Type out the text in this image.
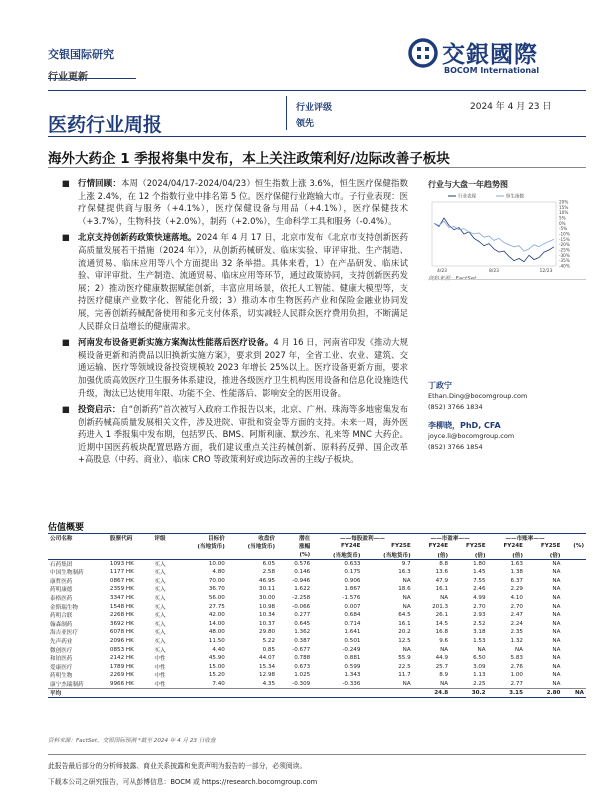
交银国际研究	交銀國際
BOCOM International
医药行业周报
行业评级
领先
2024 年 4 月 23 日
海外大药企 1 季报将集中发布，本上关注政策利好/边际改善子板块
■ 行情回顾：本周（2024/04/17-2024/04/23）恒生指数上涨 3.6%，恒生医疗保健指数上涨 2.4%，在 12 个指数行业中排名第 5 位。医疗保健行业跑输大市。子行业表现：医疗保健提供商与服务（+4.1%），医疗保健设备与用品（+4.1%），医疗保健技术（+3.7%），生物科技（+2.0%），制药（+2.0%），生命科学工具和服务（-0.4%）。
■ 北京支持创新药政策快速落地。2024 年 4 月 17 日，北京市发布《北京市支持创新医药高质量发展若干措施（2024 年）》，从创新药械研发、临床实验、审评审批、生产制造、流通贸易、临床应用等八个方面提出 32 条举措。具体来看，1）在产品研发、临床试验、审评审批、生产制造、流通贸易、临床应用等环节，通过政策协同，支持创新医药发展；2）推动医疗健康数据赋能创新，丰富应用场景，依托人工智能、健康大模型等，支持医疗健康产业数字化、智能化升级；3）推动本市生物医药产业和保险金融业协同发展，完善创新药械配备使用和多元支付体系，切实减轻人民群众医疗费用负担，不断满足人民群众日益增长的健康需求。
■ 河南发布设备更新实施方案淘汰性能落后医疗设备。4 月 16 日，河南省印发《推动大规模设备更新和消费品以旧换新实施方案》，要求到 2027 年，全省工业、农业、建筑、交通运输、医疗等领域设备投资规模较 2023 年增长 25%以上。医疗设备更新方面，要求加强优质高效医疗卫生服务体系建设，推进各级医疗卫生机构医用设备和信息化设施迭代升级，淘汰已达使用年限、功能不全、性能落后、影响安全的医用设备。
■ 投资启示：自“创新药”首次被写入政府工作报告以来，北京、广州、珠海等多地密集发布创新药械高质量发展相关文件，涉及进院、审批和资金等方面的支持。未来一周，海外医药进入 1 季报集中发布期，包括罗氏、BMS、阿斯利康、默沙东、礼来等 MNC 大药企。近期中国医药板块配置思路方面，我们建议重点关注药械创新、原料药反弹、国企改革+高股息（中药、商业）、临床 CRO 等政策利好或边际改善的主线/子板块。
行业与大盘一年趋势图
20%
15%
10%
5%
0%
-5%
-10%
-15%
-20%
-25%
-30%
-35%
-40%
4/23	8/23	12/23
行业表现	恒生指数
丁政宁
Ethan.Ding@bocomgroup.com
(852) 3766 1834
李柳晓，PhD, CFA
joyce.li@bocomgroup.com
(852) 3766 1854
估值概要
公司名称	股票代码	评级	目标价	收盘价	潜在	——每股盈利——		——市盈率——		——市账率——		
			(当地货币)	(当地货币)	涨幅	FY24E	FY25E	FY24E	FY25E	FY24E	FY25E	(%)
					(%)	(当地货币)	(当地货币)	(倍)	(倍)	(倍)	(倍)	
石药集团	1093 HK	买入	10.00	6.05	0.576	0.633	9.7	8.8	1.80	1.63	NA	
中国生物制药	1177 HK	买入	4.80	2.58	0.146	0.175	16.3	13.6	1.45	1.38	NA	
康哲医药	0867 HK	买入	70.00	46.95	-0.946	0.906	NA	47.9	7.55	6.37	NA	
药明康德	2359 HK	买入	36.70	30.11	1.622	1.867	18.6	16.1	2.46	2.29	NA	
泰格医药	3347 HK	买入	56.00	30.00	-2.258	-1.576	NA	NA	4.99	4.10	NA	
金斯瑞生物	1548 HK	买入	27.75	10.98	-0.066	0.007	NA	201.3	2.70	2.70	NA	
药明合联	2268 HK	买入	42.00	10.34	0.277	0.684	64.5	26.1	2.93	2.47	NA	
翰森制药	3692 HK	买入	14.00	10.37	0.645	0.714	16.1	14.5	2.52	2.24	NA	
海吉亚医疗	6078 HK	买入	48.00	29.80	1.362	1.641	20.2	16.8	3.18	2.35	NA	
先声药业	2096 HK	买入	11.50	5.22	0.387	0.501	12.5	9.6	1.53	1.32	NA	
微创医疗	0853 HK	买入	4.40	0.85	-0.677	-0.249	NA	NA	NA	NA	NA	
和铂医药	2142 HK	中性	45.90	44.07	0.788	0.881	55.9	44.9	6.50	5.83	NA	
爱康医疗	1789 HK	中性	15.00	15.34	0.673	0.599	22.5	25.7	3.09	2.76	NA	
药明生物	2269 HK	中性	15.20	12.98	1.025	1.343	11.7	8.9	1.13	1.00	NA	
康宁杰瑞制药	9966 HK	中性	7.40	4.35	-0.309	-0.336	NA	NA	2.25	2.77	NA	
平均								24.8	30.2	3.15	2.80	NA
资料来源：FactSet，交银国际预测 *截至 2024 年 4 月 23 日收盘
此报告最后部分的分析师披露、商业关系披露和免责声明为报告的一部分，必须阅读。
下载本公司之研究报告，可从彭博信息：BOCM 或 https://research.bocomgroup.com
